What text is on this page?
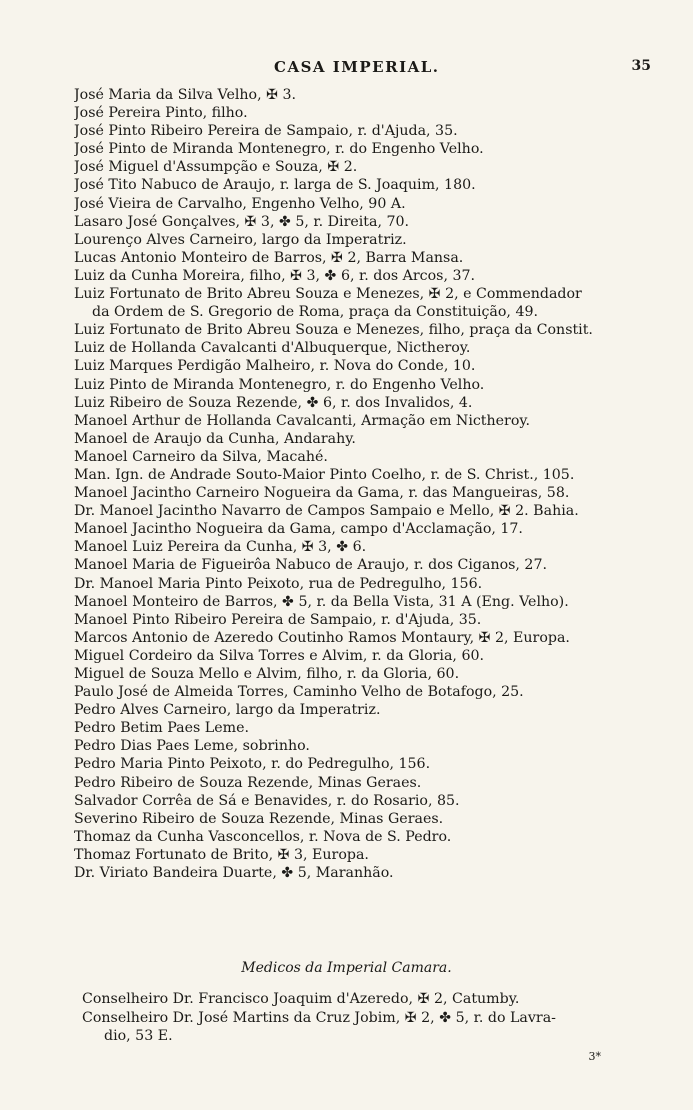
CASA IMPERIAL.	35
José Maria da Silva Velho, ✠ 3.
José Pereira Pinto, filho.
José Pinto Ribeiro Pereira de Sampaio, r. d'Ajuda, 35.
José Pinto de Miranda Montenegro, r. do Engenho Velho.
José Miguel d'Assumpção e Souza, ✠ 2.
José Tito Nabuco de Araujo, r. larga de S. Joaquim, 180.
José Vieira de Carvalho, Engenho Velho, 90 A.
Lasaro José Gonçalves, ✠ 3, ✤ 5, r. Direita, 70.
Lourenço Alves Carneiro, largo da Imperatriz.
Lucas Antonio Monteiro de Barros, ✠ 2, Barra Mansa.
Luiz da Cunha Moreira, filho, ✠ 3, ✤ 6, r. dos Arcos, 37.
Luiz Fortunato de Brito Abreu Souza e Menezes, ✠ 2, e Commendador
da Ordem de S. Gregorio de Roma, praça da Constituição, 49.
Luiz Fortunato de Brito Abreu Souza e Menezes, filho, praça da Constit.
Luiz de Hollanda Cavalcanti d'Albuquerque, Nictheroy.
Luiz Marques Perdigão Malheiro, r. Nova do Conde, 10.
Luiz Pinto de Miranda Montenegro, r. do Engenho Velho.
Luiz Ribeiro de Souza Rezende, ✤ 6, r. dos Invalidos, 4.
Manoel Arthur de Hollanda Cavalcanti, Armação em Nictheroy.
Manoel de Araujo da Cunha, Andarahy.
Manoel Carneiro da Silva, Macahé.
Man. Ign. de Andrade Souto-Maior Pinto Coelho, r. de S. Christ., 105.
Manoel Jacintho Carneiro Nogueira da Gama, r. das Mangueiras, 58.
Dr. Manoel Jacintho Navarro de Campos Sampaio e Mello, ✠ 2. Bahia.
Manoel Jacintho Nogueira da Gama, campo d'Acclamação, 17.
Manoel Luiz Pereira da Cunha, ✠ 3, ✤ 6.
Manoel Maria de Figueirôa Nabuco de Araujo, r. dos Ciganos, 27.
Dr. Manoel Maria Pinto Peixoto, rua de Pedregulho, 156.
Manoel Monteiro de Barros, ✤ 5, r. da Bella Vista, 31 A (Eng. Velho).
Manoel Pinto Ribeiro Pereira de Sampaio, r. d'Ajuda, 35.
Marcos Antonio de Azeredo Coutinho Ramos Montaury, ✠ 2, Europa.
Miguel Cordeiro da Silva Torres e Alvim, r. da Gloria, 60.
Miguel de Souza Mello e Alvim, filho, r. da Gloria, 60.
Paulo José de Almeida Torres, Caminho Velho de Botafogo, 25.
Pedro Alves Carneiro, largo da Imperatriz.
Pedro Betim Paes Leme.
Pedro Dias Paes Leme, sobrinho.
Pedro Maria Pinto Peixoto, r. do Pedregulho, 156.
Pedro Ribeiro de Souza Rezende, Minas Geraes.
Salvador Corrêa de Sá e Benavides, r. do Rosario, 85.
Severino Ribeiro de Souza Rezende, Minas Geraes.
Thomaz da Cunha Vasconcellos, r. Nova de S. Pedro.
Thomaz Fortunato de Brito, ✠ 3, Europa.
Dr. Viriato Bandeira Duarte, ✤ 5, Maranhão.
Medicos da Imperial Camara.
Conselheiro Dr. Francisco Joaquim d'Azeredo, ✠ 2, Catumby.
Conselheiro Dr. José Martins da Cruz Jobim, ✠ 2, ✤ 5, r. do Lavra-
dio, 53 E.
3*
